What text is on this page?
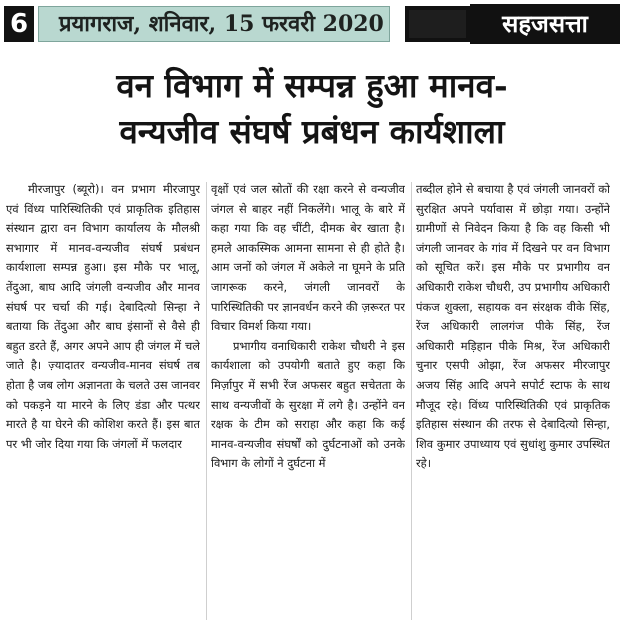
6	प्रयागराज, शनिवार, 15 फरवरी 2020	सहजसत्ता
वन विभाग में सम्पन्न हुआ मानव-
वन्यजीव संघर्ष प्रबंधन कार्यशाला

मीरजापुर (ब्यूरो)। वन प्रभाग मीरजापुर एवं विंध्य पारिस्थितिकी एवं प्राकृतिक इतिहास संस्थान द्वारा वन विभाग कार्यालय के मौलश्री सभागार में मानव-वन्यजीव संघर्ष प्रबंधन कार्यशाला सम्पन्न हुआ। इस मौके पर भालू, तेंदुआ, बाघ आदि जंगली वन्यजीव और मानव संघर्ष पर चर्चा की गई। देबादित्यो सिन्हा ने बताया कि तेंदुआ और बाघ इंसानों से वैसे ही बहुत डरते हैं, अगर अपने आप ही जंगल में चले जाते है। ज़्यादातर वन्यजीव-मानव संघर्ष तब होता है जब लोग अज्ञानता के चलते उस जानवर को पकड़ने या मारने के लिए डंडा और पत्थर मारते है या घेरने की कोशिश करते हैं। इस बात पर भी जोर दिया गया कि जंगलों में फलदार

वृक्षों एवं जल स्रोतों की रक्षा करने से वन्यजीव जंगल से बाहर नहीं निकलेंगे। भालू के बारे में कहा गया कि वह चींटी, दीमक बेर खाता है। हमले आकस्मिक आमना सामना से ही होते है। आम जनों को जंगल में अकेले ना घूमने के प्रति जागरूक करने, जंगली जानवरों के पारिस्थितिकी पर ज्ञानवर्धन करने की ज़रूरत पर विचार विमर्श किया गया।

प्रभागीय वनाधिकारी राकेश चौधरी ने इस कार्यशाला को उपयोगी बताते हुए कहा कि मिर्ज़ापुर में सभी रेंज अफसर बहुत सचेतता के साथ वन्यजीवों के सुरक्षा में लगे है। उन्होंने वन रक्षक के टीम को सराहा और कहा कि कई मानव-वन्यजीव संघर्षों को दुर्घटनाओं को उनके विभाग के लोगों ने दुर्घटना में

तब्दील होने से बचाया है एवं जंगली जानवरों को सुरक्षित अपने पर्यावास में छोड़ा गया। उन्होंने ग्रामीणों से निवेदन किया है कि वह किसी भी जंगली जानवर के गांव में दिखने पर वन विभाग को सूचित करें। इस मौके पर प्रभागीय वन अधिकारी राकेश चौधरी, उप प्रभागीय अधिकारी पंकज शुक्ला, सहायक वन संरक्षक वीके सिंह, रेंज अधिकारी लालगंज पीके सिंह, रेंज अधिकारी मड़िहान पीके मिश्र, रेंज अधिकारी चुनार एसपी ओझा, रेंज अफसर मीरजापुर अजय सिंह आदि अपने सपोर्ट स्टाफ के साथ मौजूद रहे। विंध्य पारिस्थितिकी एवं प्राकृतिक इतिहास संस्थान की तरफ से देबादित्यो सिन्हा, शिव कुमार उपाध्याय एवं सुधांशु कुमार उपस्थित रहे।
